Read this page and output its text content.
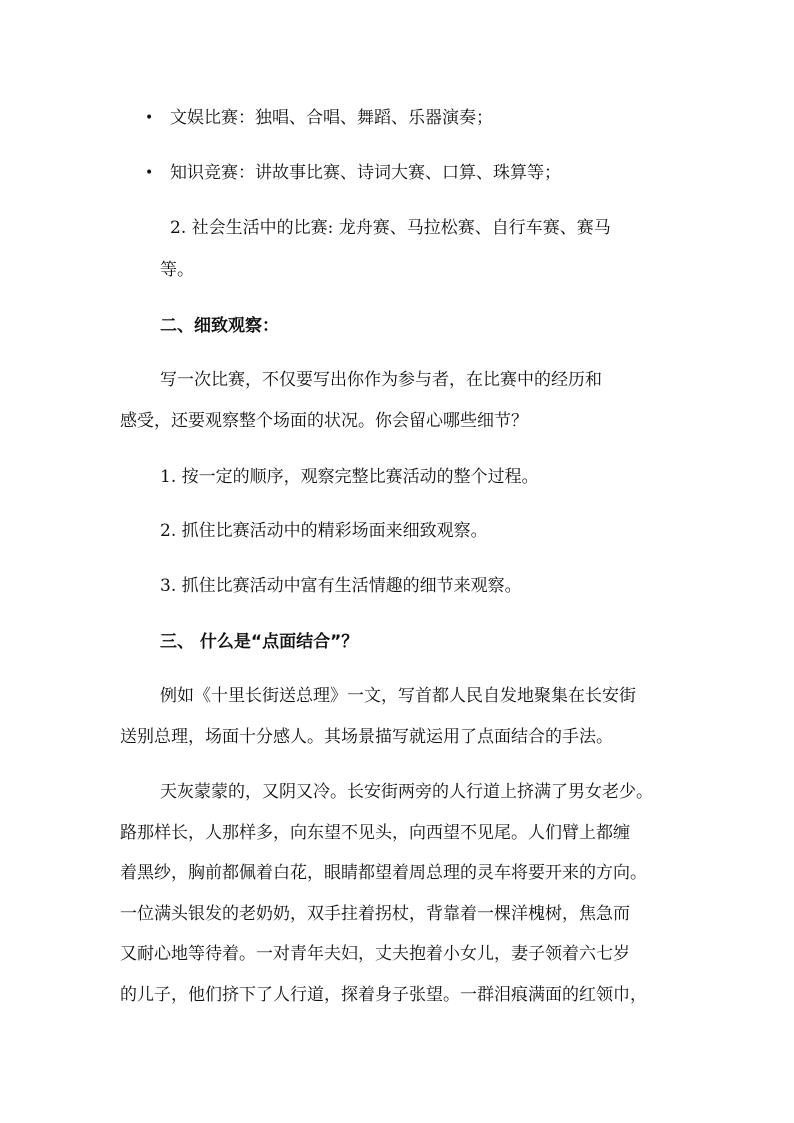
• 文娱比赛：独唱、合唱、舞蹈、乐器演奏；
• 知识竞赛：讲故事比赛、诗词大赛、口算、珠算等；
2. 社会生活中的比赛: 龙舟赛、马拉松赛、自行车赛、赛马
等。
二、细致观察：
写一次比赛，不仅要写出你作为参与者，在比赛中的经历和
感受，还要观察整个场面的状况。你会留心哪些细节？
1. 按一定的顺序，观察完整比赛活动的整个过程。
2. 抓住比赛活动中的精彩场面来细致观察。
3. 抓住比赛活动中富有生活情趣的细节来观察。
三、 什么是“点面结合”？
例如《十里长街送总理》一文，写首都人民自发地聚集在长安街
送别总理，场面十分感人。其场景描写就运用了点面结合的手法。
天灰蒙蒙的，又阴又冷。长安街两旁的人行道上挤满了男女老少。
路那样长，人那样多，向东望不见头，向西望不见尾。人们臂上都缠
着黑纱，胸前都佩着白花，眼睛都望着周总理的灵车将要开来的方向。
一位满头银发的老奶奶，双手拄着拐杖，背靠着一棵洋槐树，焦急而
又耐心地等待着。一对青年夫妇，丈夫抱着小女儿，妻子领着六七岁
的儿子，他们挤下了人行道，探着身子张望。一群泪痕满面的红领巾，
